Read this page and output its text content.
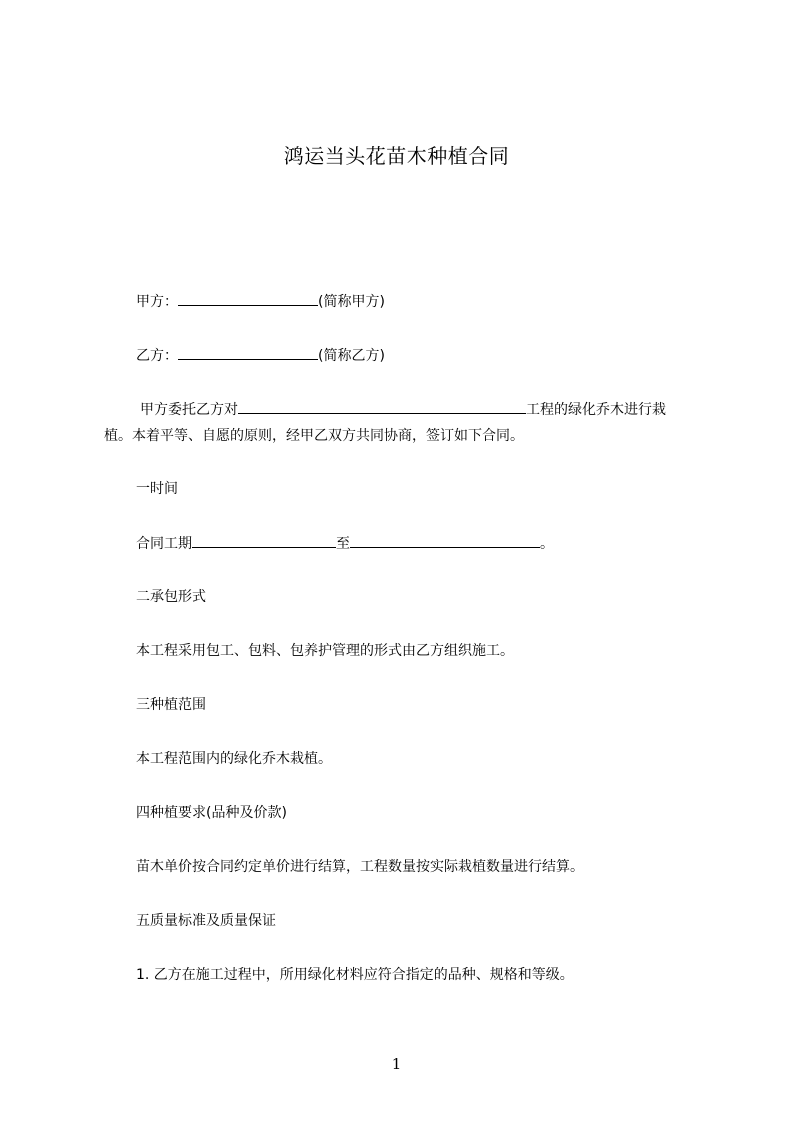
鸿运当头花苗木种植合同
甲方：	(简称甲方)
乙方：	(简称乙方)
甲方委托乙方对	工程的绿化乔木进行栽
植。本着平等、自愿的原则，经甲乙双方共同协商，签订如下合同。
一时间
合同工期	至	。
二承包形式
本工程采用包工、包料、包养护管理的形式由乙方组织施工。
三种植范围
本工程范围内的绿化乔木栽植。
四种植要求(品种及价款)
苗木单价按合同约定单价进行结算，工程数量按实际栽植数量进行结算。
五质量标准及质量保证
1. 乙方在施工过程中，所用绿化材料应符合指定的品种、规格和等级。
1
